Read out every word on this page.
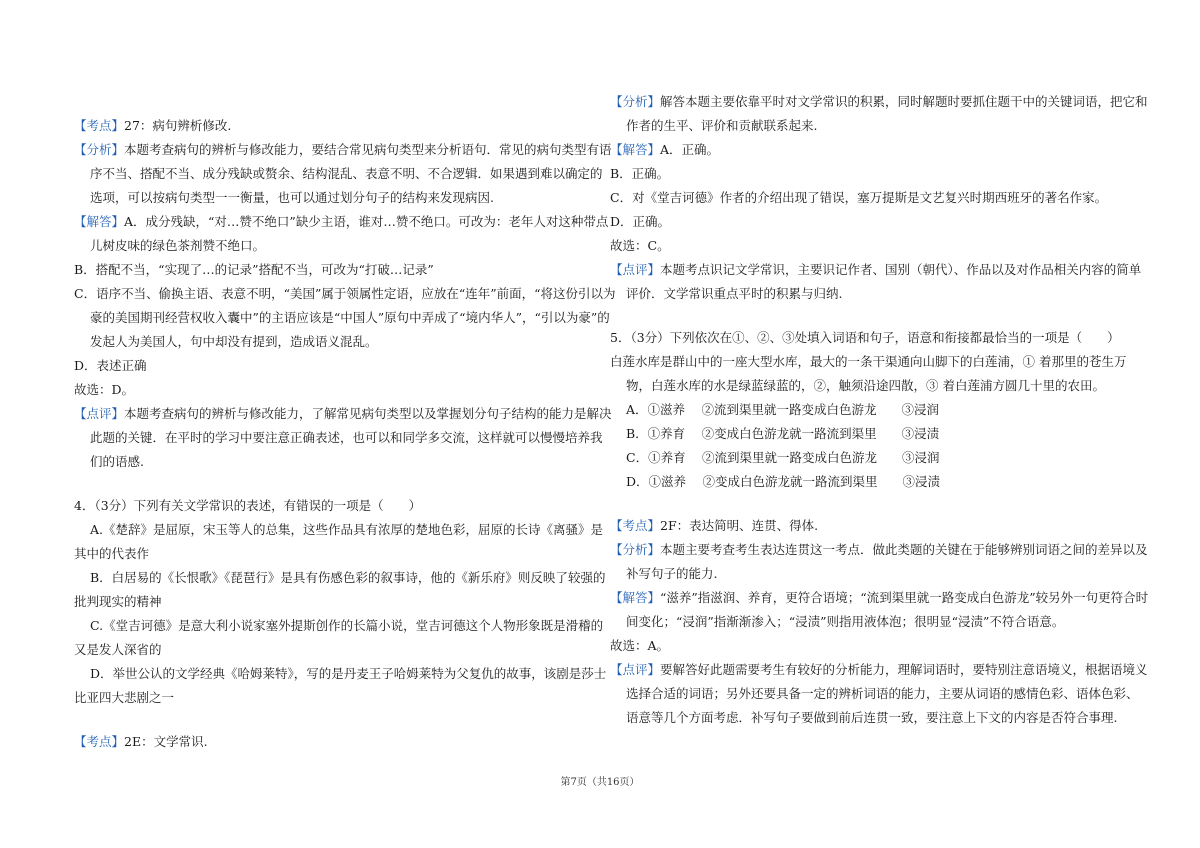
【考点】27：病句辨析修改.
【分析】本题考查病句的辨析与修改能力，要结合常见病句类型来分析语句．常见的病句类型有语
序不当、搭配不当、成分残缺或赘余、结构混乱、表意不明、不合逻辑．如果遇到难以确定的
选项，可以按病句类型一一衡量，也可以通过划分句子的结构来发现病因.
【解答】A．成分残缺，“对…赞不绝口”缺少主语，谁对…赞不绝口。可改为：老年人对这种带点
儿树皮味的绿色茶剂赞不绝口。
B．搭配不当，“实现了…的记录”搭配不当，可改为“打破…记录”
C．语序不当、偷换主语、表意不明，“美国”属于领属性定语，应放在“连年”前面，“将这份引以为
豪的美国期刊经营权收入囊中”的主语应该是“中国人”原句中弄成了“境内华人”，“引以为豪”的
发起人为美国人，句中却没有提到，造成语义混乱。
D．表述正确
故选：D。
【点评】本题考查病句的辨析与修改能力，了解常见病句类型以及掌握划分句子结构的能力是解决
此题的关键．在平时的学习中要注意正确表述，也可以和同学多交流，这样就可以慢慢培养我
们的语感.
4．（3分）下列有关文学常识的表述，有错误的一项是（　　）
A.《楚辞》是屈原，宋玉等人的总集，这些作品具有浓厚的楚地色彩，屈原的长诗《离骚》是
其中的代表作
B．白居易的《长恨歌》《琵琶行》是具有伤感色彩的叙事诗，他的《新乐府》则反映了较强的
批判现实的精神
C.《堂吉诃德》是意大利小说家塞外提斯创作的长篇小说，堂吉诃德这个人物形象既是滑稽的
又是发人深省的
D．举世公认的文学经典《哈姆莱特》，写的是丹麦王子哈姆莱特为父复仇的故事，该剧是莎士
比亚四大悲剧之一
【考点】2E：文学常识.
【分析】解答本题主要依靠平时对文学常识的积累，同时解题时要抓住题干中的关键词语，把它和
作者的生平、评价和贡献联系起来.
【解答】A．正确。
B．正确。
C．对《堂吉诃德》作者的介绍出现了错误，塞万提斯是文艺复兴时期西班牙的著名作家。
D．正确。
故选：C。
【点评】本题考点识记文学常识，主要识记作者、国别（朝代）、作品以及对作品相关内容的简单
评价．文学常识重点平时的积累与归纳.
5．（3分）下列依次在①、②、③处填入词语和句子，语意和衔接都最恰当的一项是（　　）
白莲水库是群山中的一座大型水库，最大的一条干渠通向山脚下的白莲浦，① 着那里的苍生万
物，白莲水库的水是绿蓝绿蓝的，②，触须沿途四散，③ 着白莲浦方圆几十里的农田。
A．①滋养　 ②流到渠里就一路变成白色游龙　　③浸润
B．①养育　 ②变成白色游龙就一路流到渠里　　③浸渍
C．①养育　 ②流到渠里就一路变成白色游龙　　③浸润
D．①滋养　 ②变成白色游龙就一路流到渠里　　③浸渍
【考点】2F：表达简明、连贯、得体.
【分析】本题主要考查考生表达连贯这一考点．做此类题的关键在于能够辨别词语之间的差异以及
补写句子的能力.
【解答】“滋养”指滋润、养育，更符合语境；“流到渠里就一路变成白色游龙”较另外一句更符合时
间变化；“浸润”指渐渐渗入；“浸渍”则指用液体泡；很明显“浸渍”不符合语意。
故选：A。
【点评】要解答好此题需要考生有较好的分析能力，理解词语时，要特别注意语境义，根据语境义
选择合适的词语；另外还要具备一定的辨析词语的能力，主要从词语的感情色彩、语体色彩、
语意等几个方面考虑．补写句子要做到前后连贯一致，要注意上下文的内容是否符合事理.
第7页（共16页）
